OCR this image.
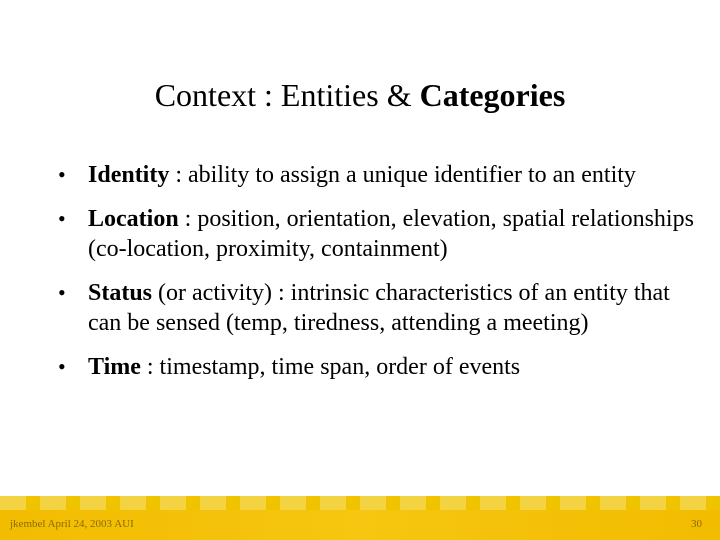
Context : Entities & Categories
• Identity : ability to assign a unique identifier to an entity
• Location : position, orientation, elevation, spatial relationships (co-location, proximity, containment)
• Status (or activity) : intrinsic characteristics of an entity that can be sensed (temp, tiredness, attending a meeting)
• Time : timestamp, time span, order of events
jkembel April 24, 2003 AUI	30
